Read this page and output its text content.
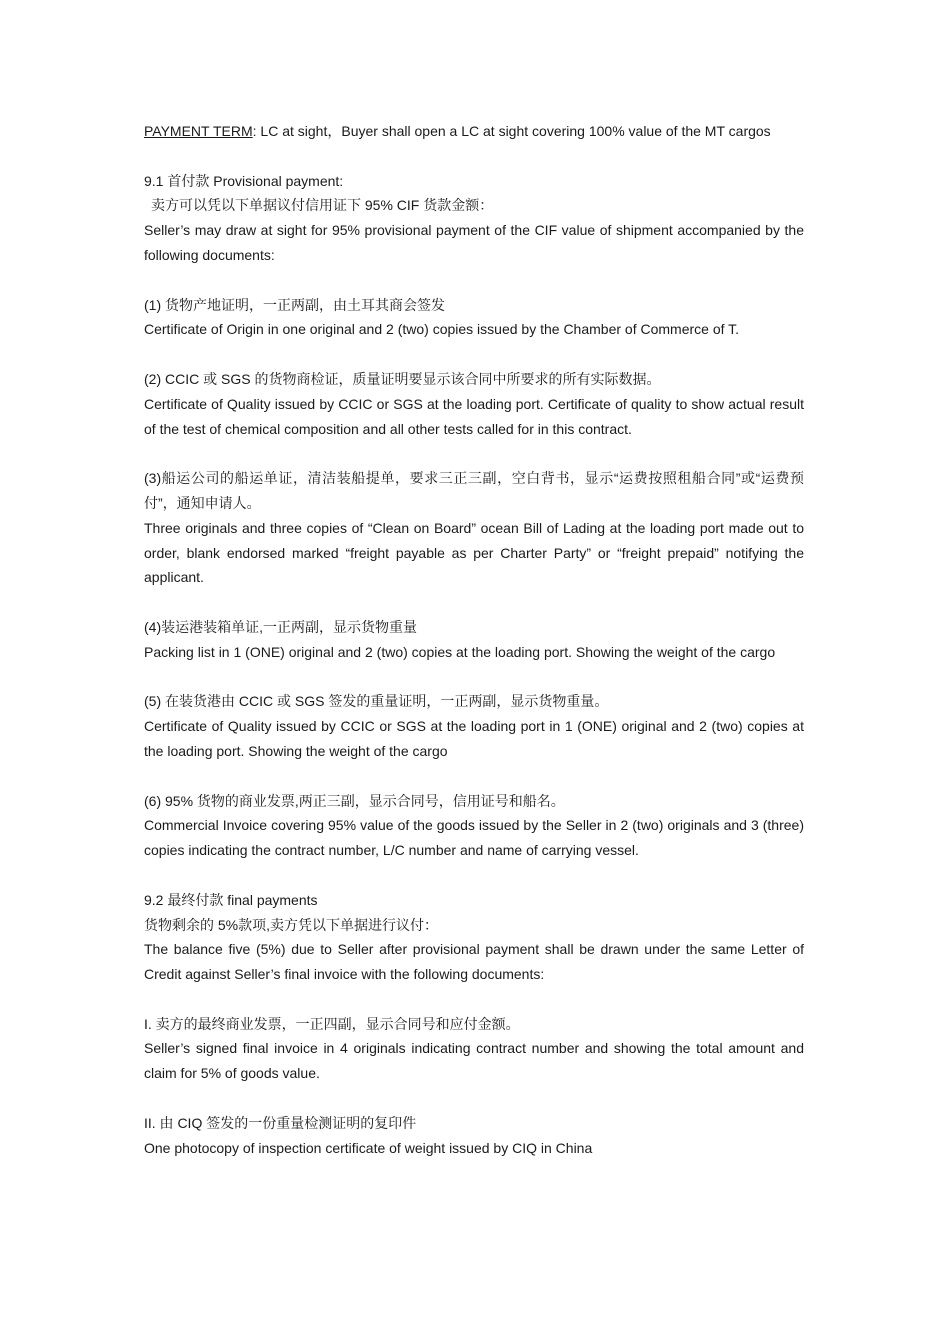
PAYMENT TERM: LC at sight，Buyer shall open a LC at sight covering 100% value of the MT cargos
9.1 首付款 Provisional payment:
卖方可以凭以下单据议付信用证下 95% CIF 货款金额：
Seller’s may draw at sight for 95% provisional payment of the CIF value of shipment accompanied by the following documents:
(1) 货物产地证明，一正两副，由土耳其商会签发
Certificate of Origin in one original and 2 (two) copies issued by the Chamber of Commerce of T.
(2) CCIC 或 SGS 的货物商检证，质量证明要显示该合同中所要求的所有实际数据。
Certificate of Quality issued by CCIC or SGS at the loading port. Certificate of quality to show actual result of the test of chemical composition and all other tests called for in this contract.
(3)船运公司的船运单证，清洁装船提单，要求三正三副，空白背书，显示“运费按照租船合同”或“运费预付”，通知申请人。
Three originals and three copies of “Clean on Board” ocean Bill of Lading at the loading port made out to order, blank endorsed marked “freight payable as per Charter Party” or “freight prepaid” notifying the applicant.
(4)装运港装箱单证,一正两副，显示货物重量
Packing list in 1 (ONE) original and 2 (two) copies at the loading port. Showing the weight of the cargo
(5) 在装货港由 CCIC 或 SGS 签发的重量证明，一正两副，显示货物重量。
Certificate of Quality issued by CCIC or SGS at the loading port in 1 (ONE) original and 2 (two) copies at the loading port. Showing the weight of the cargo
(6) 95% 货物的商业发票,两正三副，显示合同号，信用证号和船名。
Commercial Invoice covering 95% value of the goods issued by the Seller in 2 (two) originals and 3 (three) copies indicating the contract number, L/C number and name of carrying vessel.
9.2 最终付款 final payments
货物剩余的 5%款项,卖方凭以下单据进行议付：
The balance five (5%) due to Seller after provisional payment shall be drawn under the same Letter of Credit against Seller’s final invoice with the following documents:
I. 卖方的最终商业发票，一正四副，显示合同号和应付金额。
Seller’s signed final invoice in 4 originals indicating contract number and showing the total amount and claim for 5% of goods value.
II. 由 CIQ 签发的一份重量检测证明的复印件
One photocopy of inspection certificate of weight issued by CIQ in China
